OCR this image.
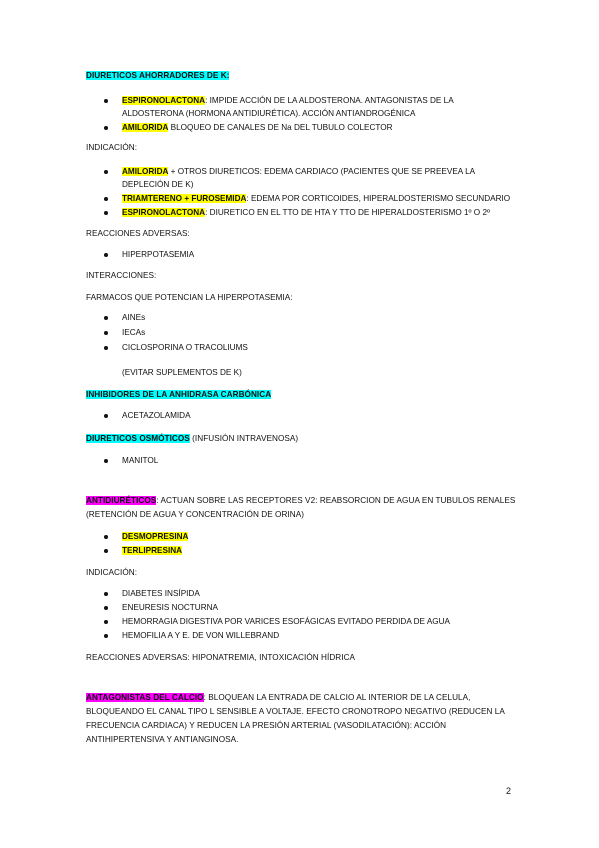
DIURETICOS AHORRADORES DE K:
ESPIRONOLACTONA: IMPIDE ACCIÓN DE LA ALDOSTERONA. ANTAGONISTAS DE LA
ALDOSTERONA (HORMONA ANTIDIURÉTICA). ACCIÓN ANTIANDROGÉNICA
AMILORIDA BLOQUEO DE CANALES DE Na DEL TUBULO COLECTOR
INDICACIÓN:
AMILORIDA + OTROS DIURETICOS: EDEMA CARDIACO (PACIENTES QUE SE PREEVEA LA
DEPLECIÓN DE K)
TRIAMTERENO + FUROSEMIDA: EDEMA POR CORTICOIDES, HIPERALDOSTERISMO SECUNDARIO
ESPIRONOLACTONA: DIURETICO EN EL TTO DE HTA Y TTO DE HIPERALDOSTERISMO 1º O 2º
REACCIONES ADVERSAS:
HIPERPOTASEMIA
INTERACCIONES:
FARMACOS QUE POTENCIAN LA HIPERPOTASEMIA:
AINEs
IECAs
CICLOSPORINA O TRACOLIUMS
(EVITAR SUPLEMENTOS DE K)
INHIBIDORES DE LA ANHIDRASA CARBÓNICA
ACETAZOLAMIDA
DIURETICOS OSMÓTICOS (INFUSIÓN INTRAVENOSA)
MANITOL
ANTIDIURÉTICOS: ACTUAN SOBRE LAS RECEPTORES V2: REABSORCION DE AGUA EN TUBULOS RENALES
(RETENCIÓN DE AGUA Y CONCENTRACIÓN DE ORINA)
DESMOPRESINA
TERLIPRESINA
INDICACIÓN:
DIABETES INSÍPIDA
ENEURESIS NOCTURNA
HEMORRAGIA DIGESTIVA POR VARICES ESOFÁGICAS EVITADO PERDIDA DE AGUA
HEMOFILIA A Y E. DE VON WILLEBRAND
REACCIONES ADVERSAS: HIPONATREMIA, INTOXICACIÓN HÍDRICA
ANTAGONISTAS DEL CALCIO: BLOQUEAN LA ENTRADA DE CALCIO AL INTERIOR DE LA CELULA,
BLOQUEANDO EL CANAL TIPO L SENSIBLE A VOLTAJE. EFECTO CRONOTROPO NEGATIVO (REDUCEN LA
FRECUENCIA CARDIACA) Y REDUCEN LA PRESIÓN ARTERIAL (VASODILATACIÓN): ACCIÓN
ANTIHIPERTENSIVA Y ANTIANGINOSA.
2
